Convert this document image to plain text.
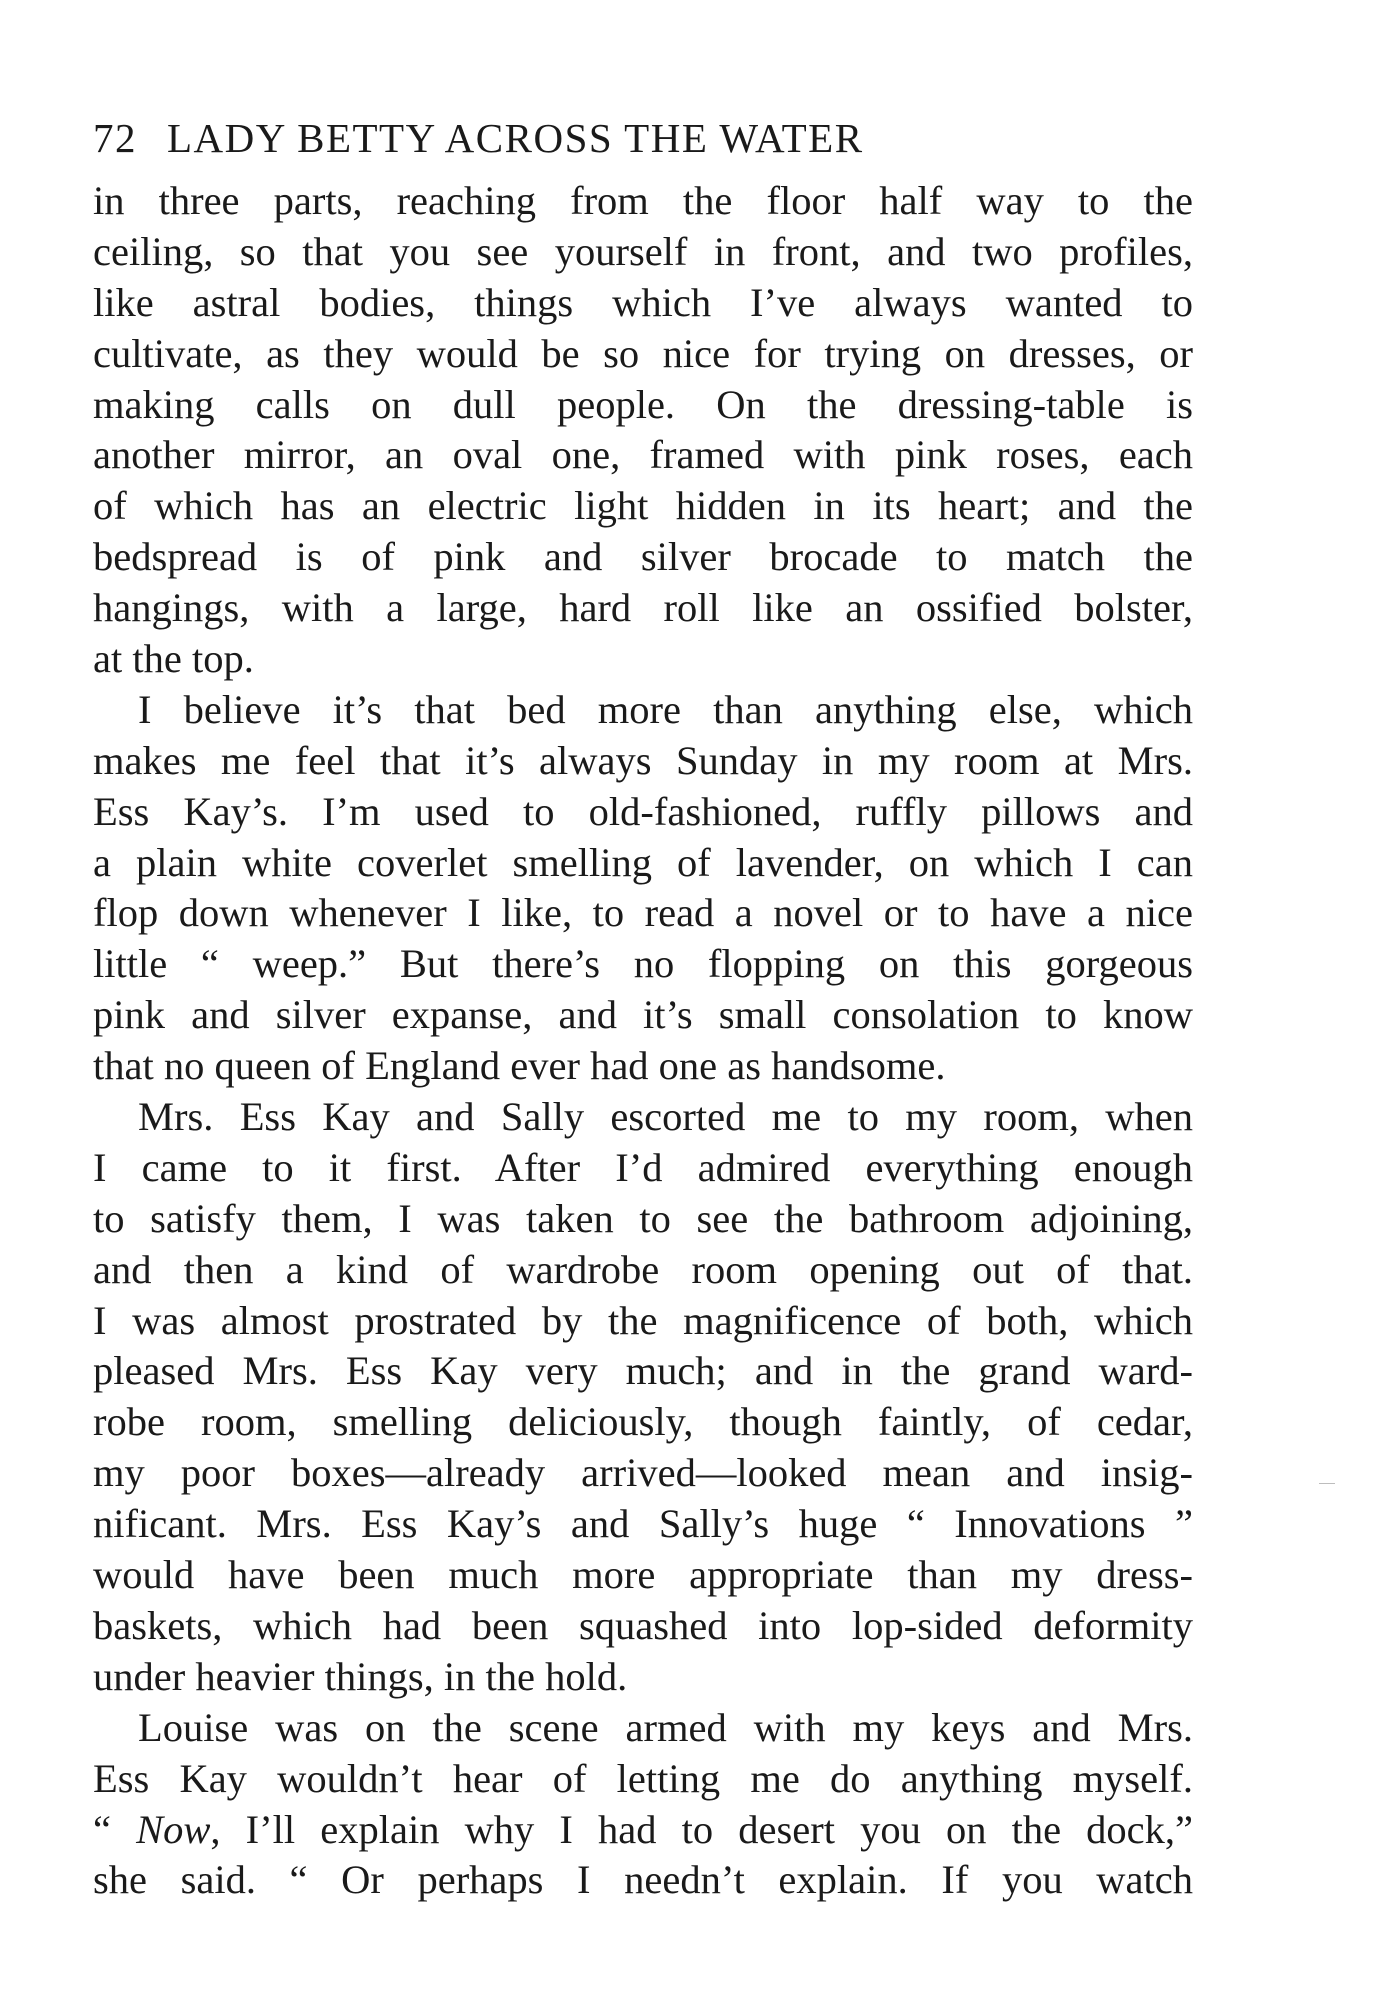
72 LADY BETTY ACROSS THE WATER
in three parts, reaching from the floor half way to the
ceiling, so that you see yourself in front, and two profiles,
like astral bodies, things which I’ve always wanted to
cultivate, as they would be so nice for trying on dresses, or
making calls on dull people. On the dressing-table is
another mirror, an oval one, framed with pink roses, each
of which has an electric light hidden in its heart; and the
bedspread is of pink and silver brocade to match the
hangings, with a large, hard roll like an ossified bolster,
at the top.
I believe it’s that bed more than anything else, which
makes me feel that it’s always Sunday in my room at Mrs.
Ess Kay’s. I’m used to old-fashioned, ruffly pillows and
a plain white coverlet smelling of lavender, on which I can
flop down whenever I like, to read a novel or to have a nice
little “ weep.” But there’s no flopping on this gorgeous
pink and silver expanse, and it’s small consolation to know
that no queen of England ever had one as handsome.
Mrs. Ess Kay and Sally escorted me to my room, when
I came to it first. After I’d admired everything enough
to satisfy them, I was taken to see the bathroom adjoining,
and then a kind of wardrobe room opening out of that.
I was almost prostrated by the magnificence of both, which
pleased Mrs. Ess Kay very much; and in the grand ward-
robe room, smelling deliciously, though faintly, of cedar,
my poor boxes—already arrived—looked mean and insig-
nificant. Mrs. Ess Kay’s and Sally’s huge “ Innovations ”
would have been much more appropriate than my dress-
baskets, which had been squashed into lop-sided deformity
under heavier things, in the hold.
Louise was on the scene armed with my keys and Mrs.
Ess Kay wouldn’t hear of letting me do anything myself.
“ Now, I’ll explain why I had to desert you on the dock,”
she said. “ Or perhaps I needn’t explain. If you watch
